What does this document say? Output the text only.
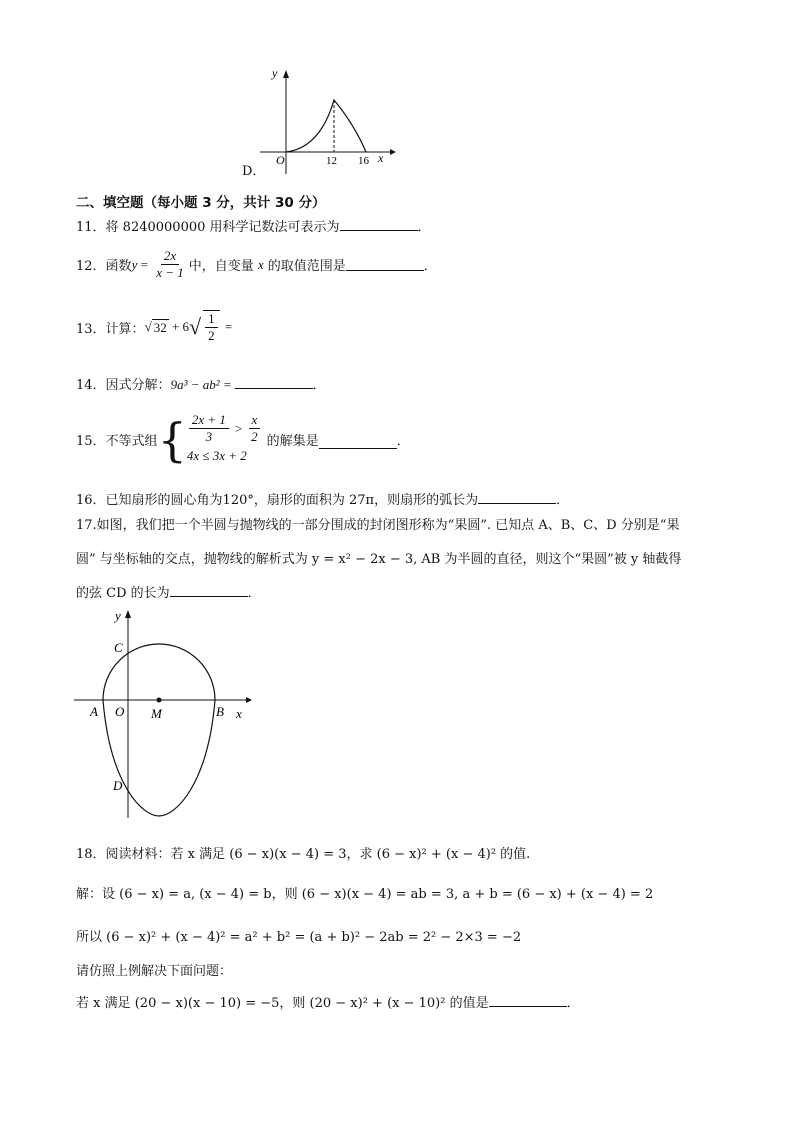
y
O	12 16 x
D．
二、填空题（每小题 3 分，共计 30 分）
11．将 8240000000 用科学记数法可表示为	．
12． 函数 $y = \frac{2x}{x - 1}$ 中，自变量 x 的取值范围是	．
13． 计算： √ 32 + 6 √ $\frac{1}{2}$ =
14．因式分解：9a³ − ab² =	．
15． 不等式组 { $\frac{2x + 1}{3} > \frac{x}{2}$
4x ≤ 3x + 2
的解集是	．
16．已知扇形的圆心角为120°，扇形的面积为 27π，则扇形的弧长为	．
17.如图，我们把一个半圆与抛物线的一部分围成的封闭图形称为“果圆”. 已知点 A、B、C、D 分别是“果
圆” 与坐标轴的交点，抛物线的解析式为 y = x² − 2x − 3, AB 为半圆的直径，则这个“果圆”被 y 轴截得
的弦 CD 的长为	．
y
C
A O M	B x
D
18．阅读材料：若 x 满足 (6 − x)(x − 4) = 3，求 (6 − x)² + (x − 4)² 的值.
解：设 (6 − x) = a, (x − 4) = b，则 (6 − x)(x − 4) = ab = 3, a + b = (6 − x) + (x − 4) = 2
所以 (6 − x)² + (x − 4)² = a² + b² = (a + b)² − 2ab = 2² − 2×3 = −2
请仿照上例解决下面问题：
若 x 满足 (20 − x)(x − 10) = −5，则 (20 − x)² + (x − 10)² 的值是	．
